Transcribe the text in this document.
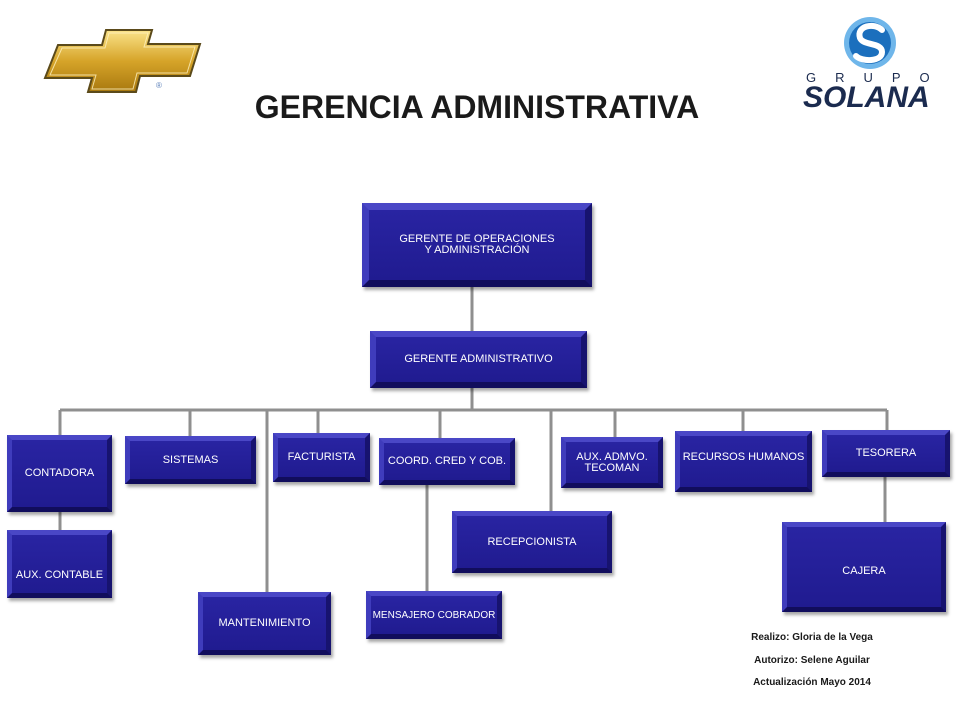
®
GERENCIA ADMINISTRATIVA
GRUPO
SOLANA
GERENTE DE OPERACIONES
Y ADMINISTRACIÓN
GERENTE ADMINISTRATIVO
CONTADORA
AUX. CONTABLE
SISTEMAS
MANTENIMIENTO
FACTURISTA	COORD. CRED Y COB.
MENSAJERO COBRADOR
RECEPCIONISTA
AUX. ADMVO.
TECOMAN
RECURSOS HUMANOS	TESORERA
CAJERA
Realizo: Gloria de la Vega
Autorizo: Selene Aguilar
Actualización Mayo 2014
